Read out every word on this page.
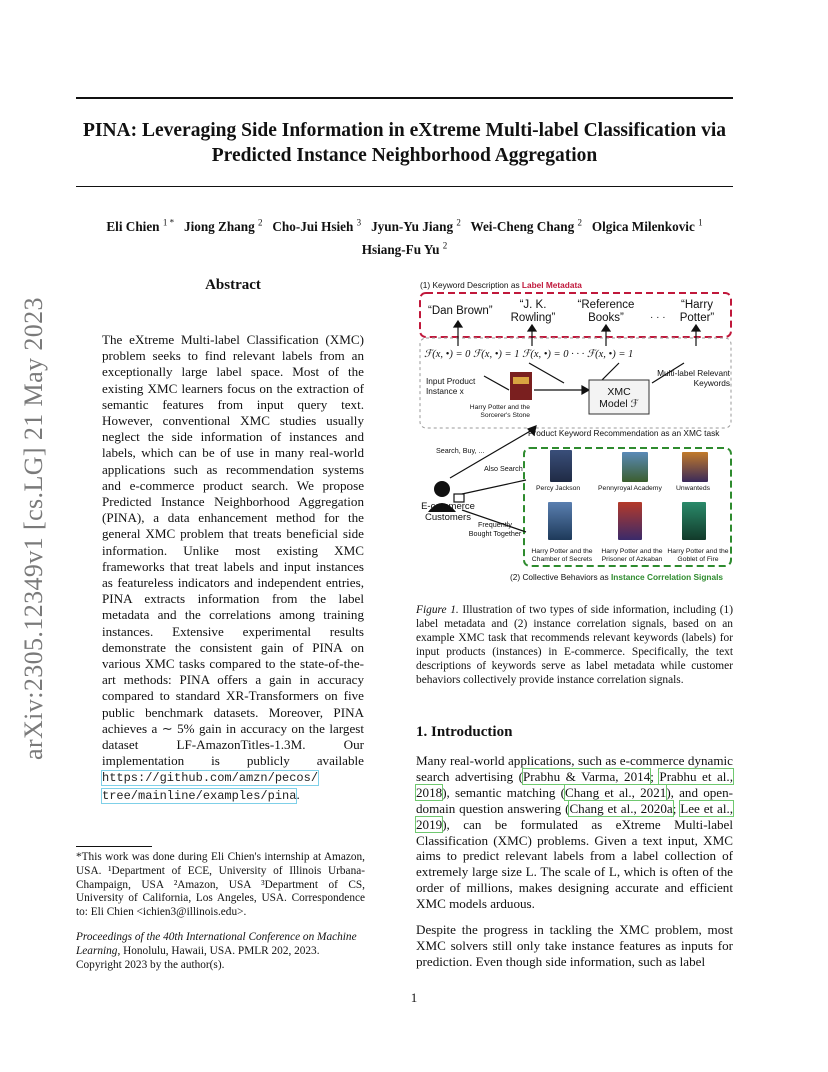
arXiv:2305.12349v1 [cs.LG] 21 May 2023
PINA: Leveraging Side Information in eXtreme Multi-label Classification via Predicted Instance Neighborhood Aggregation
Eli Chien $^{1 *}$ Jiong Zhang $^2$ Cho-Jui Hsieh $^3$ Jyun-Yu Jiang $^2$ Wei-Cheng Chang $^2$ Olgica Milenkovic $^1$
Hsiang-Fu Yu $^2$
Abstract
The eXtreme Multi-label Classification (XMC) problem seeks to find relevant labels from an exceptionally large label space. Most of the existing XMC learners focus on the extraction of semantic features from input query text. However, conventional XMC studies usually neglect the side information of instances and labels, which can be of use in many real-world applications such as recommendation systems and e-commerce product search. We propose Predicted Instance Neighborhood Aggregation (PINA), a data enhancement method for the general XMC problem that treats beneficial side information. Unlike most existing XMC frameworks that treat labels and input instances as featureless indicators and independent entries, PINA extracts information from the label metadata and the correlations among training instances. Extensive experimental results demonstrate the consistent gain of PINA on various XMC tasks compared to the state-of-the-art methods: PINA offers a gain in accuracy compared to standard XR-Transformers on five public benchmark datasets. Moreover, PINA achieves a ∼ 5% gain in accuracy on the largest dataset LF-AmazonTitles-1.3M. Our implementation is publicly available https://github.com/amzn/pecos/ tree/mainline/examples/pina.
*This work was done during Eli Chien's internship at Amazon, USA. ¹Department of ECE, University of Illinois Urbana-Champaign, USA ²Amazon, USA ³Department of CS, University of California, Los Angeles, USA. Correspondence to: Eli Chien <ichien3@illinois.edu>.
Proceedings of the 40th International Conference on Machine Learning, Honolulu, Hawaii, USA. PMLR 202, 2023. Copyright 2023 by the author(s).
(1) Keyword Description as Label Metadata
“Dan Brown”	“J. K. Rowling”
“Reference Books”	· · ·
“Harry Potter”
ℱ(x, •) = 0 ℱ(x, •) = 1 ℱ(x, •) = 0 · · · ℱ(x, •) = 1
Input Product Instance x
Harry Potter and the Sorcerer's Stone
XMC Model ℱ
Multi-label Relevant Keywords
Product Keyword Recommendation as an XMC task
Search, Buy, ...
Also Search
E-commerce Customers
Frequently Bought Together
Percy Jackson	Pennyroyal Academy Unwanteds
Harry Potter and the Chamber of Secrets
Harry Potter and the Prisoner of Azkaban
Harry Potter and the Goblet of Fire
(2) Collective Behaviors as Instance Correlation Signals
Figure 1. Illustration of two types of side information, including (1) label metadata and (2) instance correlation signals, based on an example XMC task that recommends relevant keywords (labels) for input products (instances) in E-commerce. Specifically, the text descriptions of keywords serve as label metadata while customer behaviors collectively provide instance correlation signals.
1. Introduction
Many real-world applications, such as e-commerce dynamic search advertising (Prabhu & Varma, 2014; Prabhu et al., 2018), semantic matching (Chang et al., 2021), and open-domain question answering (Chang et al., 2020a; Lee et al., 2019), can be formulated as eXtreme Multi-label Classification (XMC) problems. Given a text input, XMC aims to predict relevant labels from a label collection of extremely large size L. The scale of L, which is often of the order of millions, makes designing accurate and efficient XMC models arduous.
Despite the progress in tackling the XMC problem, most XMC solvers still only take instance features as inputs for prediction. Even though side information, such as label
1
